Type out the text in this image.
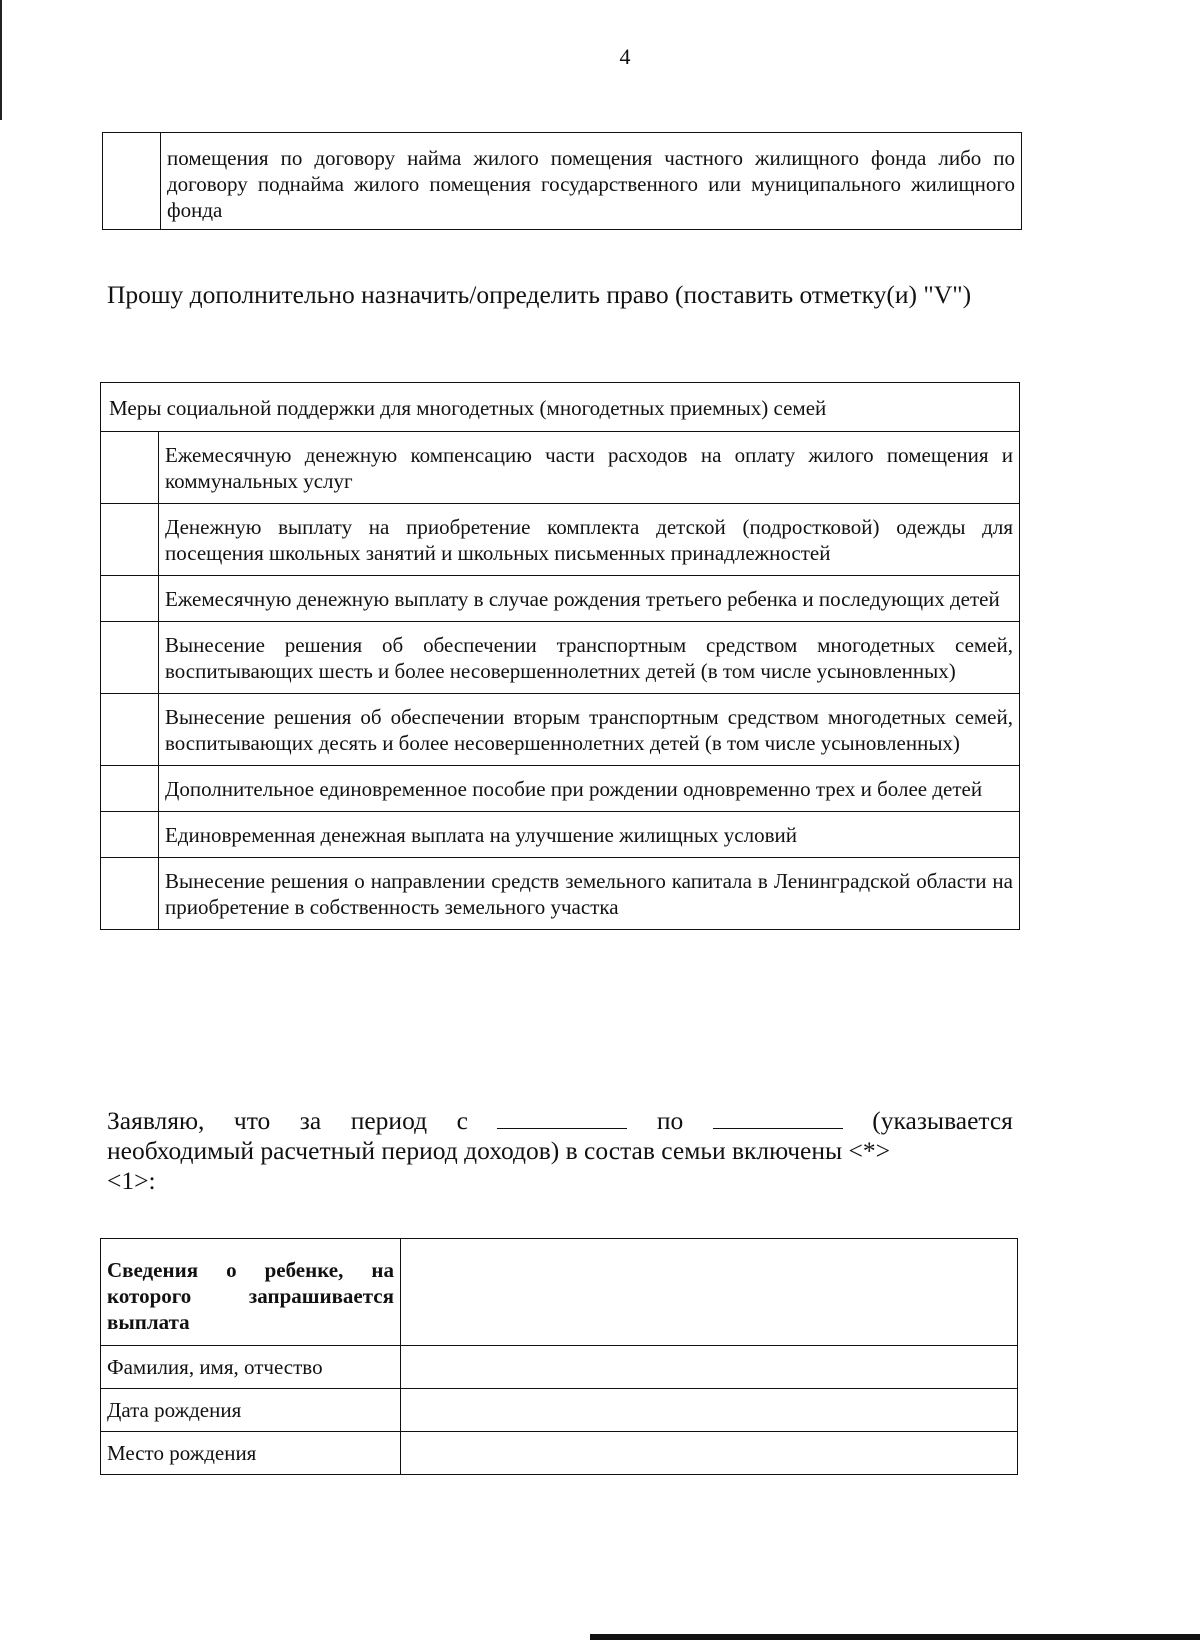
4
	помещения по договору найма жилого помещения частного жилищного фонда либо по договору поднайма жилого помещения государственного или муниципального жилищного фонда
Прошу дополнительно назначить/определить право (поставить отметку(и) "V")
Меры социальной поддержки для многодетных (многодетных приемных) семей	
	Ежемесячную денежную компенсацию части расходов на оплату жилого помещения и коммунальных услуг
	Денежную выплату на приобретение комплекта детской (подростковой) одежды для посещения школьных занятий и школьных письменных принадлежностей
	Ежемесячную денежную выплату в случае рождения третьего ребенка и последующих детей
	Вынесение решения об обеспечении транспортным средством многодетных семей, воспитывающих шесть и более несовершеннолетних детей (в том числе усыновленных)
	Вынесение решения об обеспечении вторым транспортным средством многодетных семей, воспитывающих десять и более несовершеннолетних детей (в том числе усыновленных)
	Дополнительное единовременное пособие при рождении одновременно трех и более детей
	Единовременная денежная выплата на улучшение жилищных условий
	Вынесение решения о направлении средств земельного капитала в Ленинградской области на приобретение в собственность земельного участка
Заявляю, что за период с	по	(указывается
необходимый расчетный период доходов) в состав семьи включены <*>
<1>:
Сведения о ребенке, на которого запрашивается выплата	
Фамилия, имя, отчество	
Дата рождения	
Место рождения	
